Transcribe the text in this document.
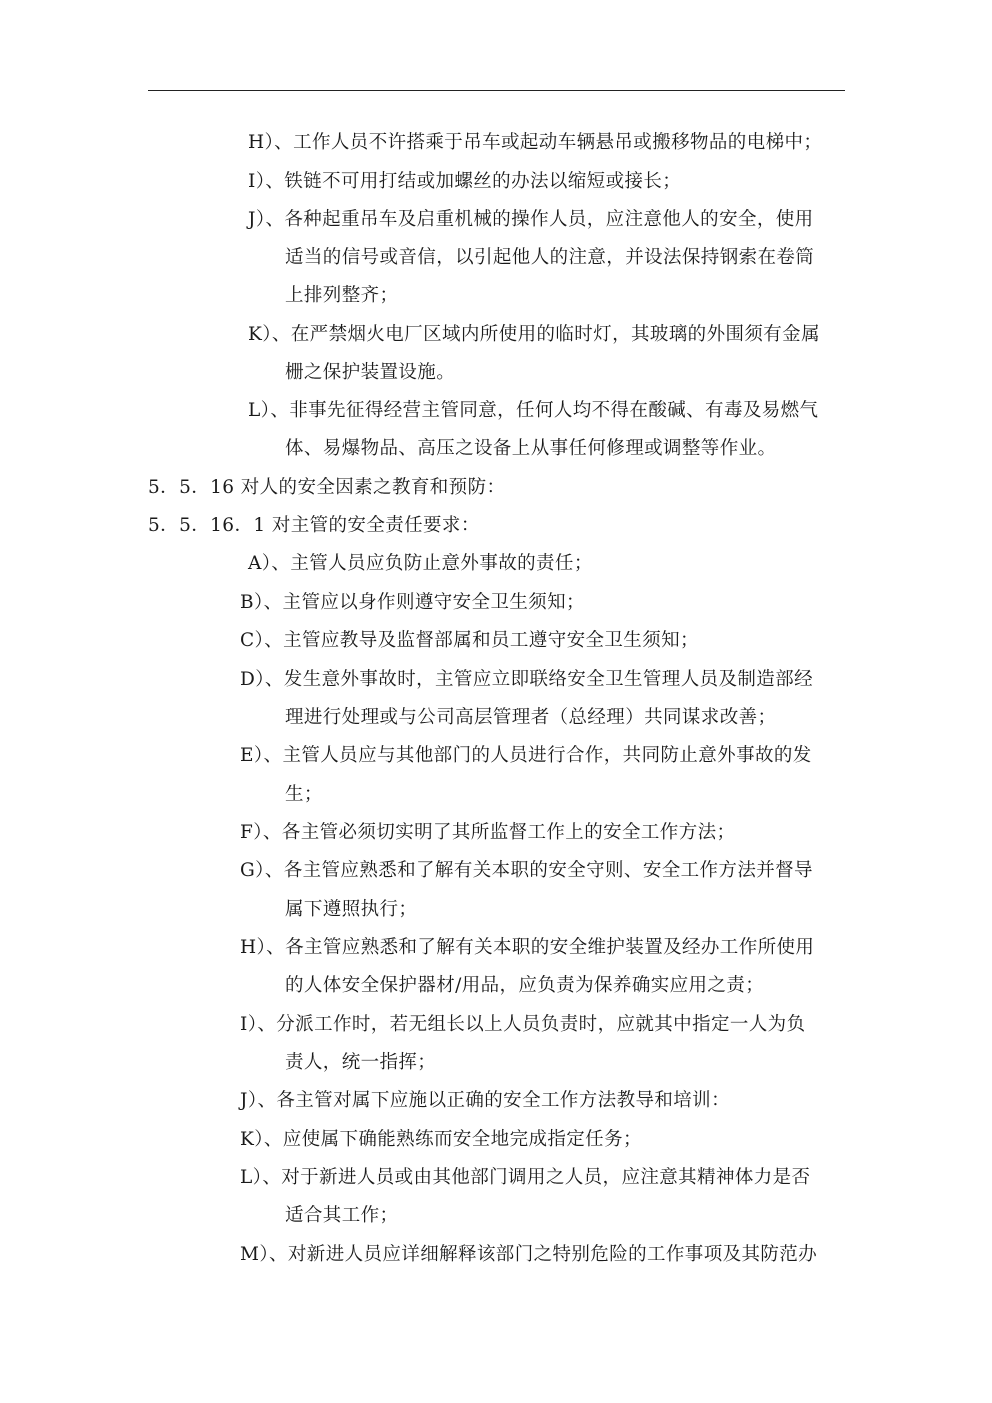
H）、工作人员不许搭乘于吊车或起动车辆悬吊或搬移物品的电梯中；
I）、铁链不可用打结或加螺丝的办法以缩短或接长；
J）、各种起重吊车及启重机械的操作人员，应注意他人的安全，使用
适当的信号或音信，以引起他人的注意，并设法保持钢索在卷筒
上排列整齐；
K）、在严禁烟火电厂区域内所使用的临时灯，其玻璃的外围须有金属
栅之保护装置设施。
L）、非事先征得经营主管同意，任何人均不得在酸碱、有毒及易燃气
体、易爆物品、高压之设备上从事任何修理或调整等作业。
5．5．16 对人的安全因素之教育和预防：
5．5．16．1 对主管的安全责任要求：
A）、主管人员应负防止意外事故的责任；
B）、主管应以身作则遵守安全卫生须知；
C）、主管应教导及监督部属和员工遵守安全卫生须知；
D）、发生意外事故时，主管应立即联络安全卫生管理人员及制造部经
理进行处理或与公司高层管理者（总经理）共同谋求改善；
E）、主管人员应与其他部门的人员进行合作，共同防止意外事故的发
生；
F）、各主管必须切实明了其所监督工作上的安全工作方法；
G）、各主管应熟悉和了解有关本职的安全守则、安全工作方法并督导
属下遵照执行；
H）、各主管应熟悉和了解有关本职的安全维护装置及经办工作所使用
的人体安全保护器材/用品，应负责为保养确实应用之责；
I）、分派工作时，若无组长以上人员负责时，应就其中指定一人为负
责人，统一指挥；
J）、各主管对属下应施以正确的安全工作方法教导和培训：
K）、应使属下确能熟练而安全地完成指定任务；
L）、对于新进人员或由其他部门调用之人员，应注意其精神体力是否
适合其工作；
M）、对新进人员应详细解释该部门之特别危险的工作事项及其防范办
